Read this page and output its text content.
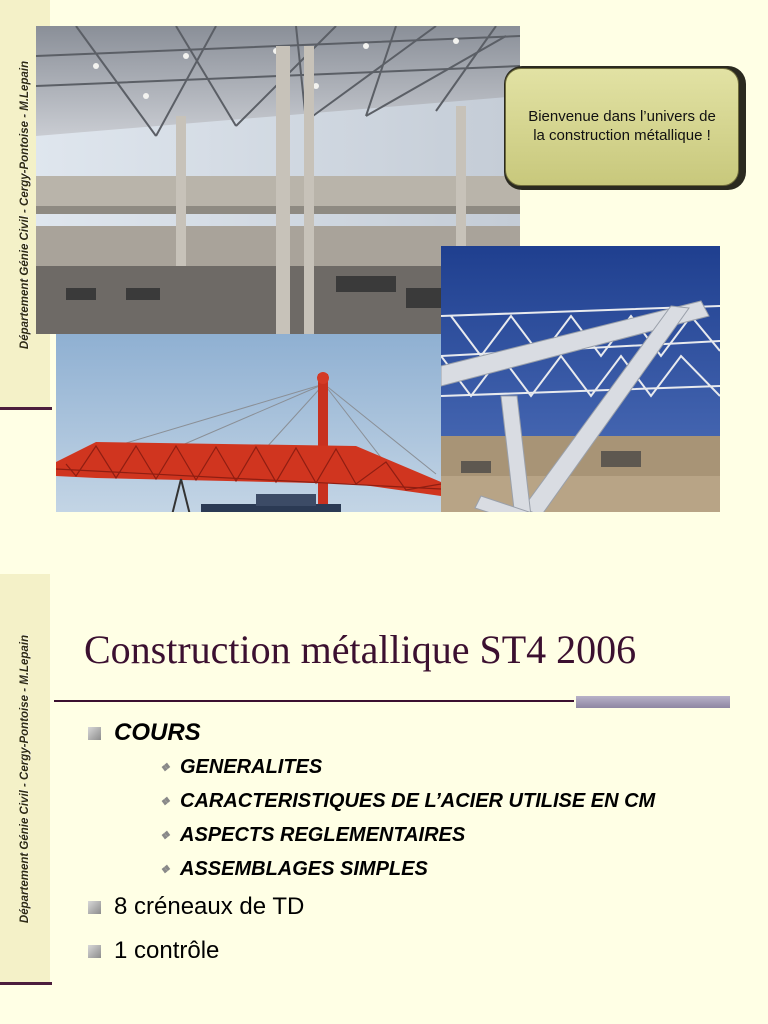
Département Génie Civil - Cergy-Pontoise - M.Lepain	Bienvenue dans l’univers de la construction métallique !
Département Génie Civil - Cergy-Pontoise - M.Lepain Construction métallique ST4 2006
COURS
❖ GENERALITES
❖ CARACTERISTIQUES DE L’ACIER UTILISE EN CM
❖ ASPECTS REGLEMENTAIRES
❖ ASSEMBLAGES SIMPLES
8 créneaux de TD
1 contrôle
